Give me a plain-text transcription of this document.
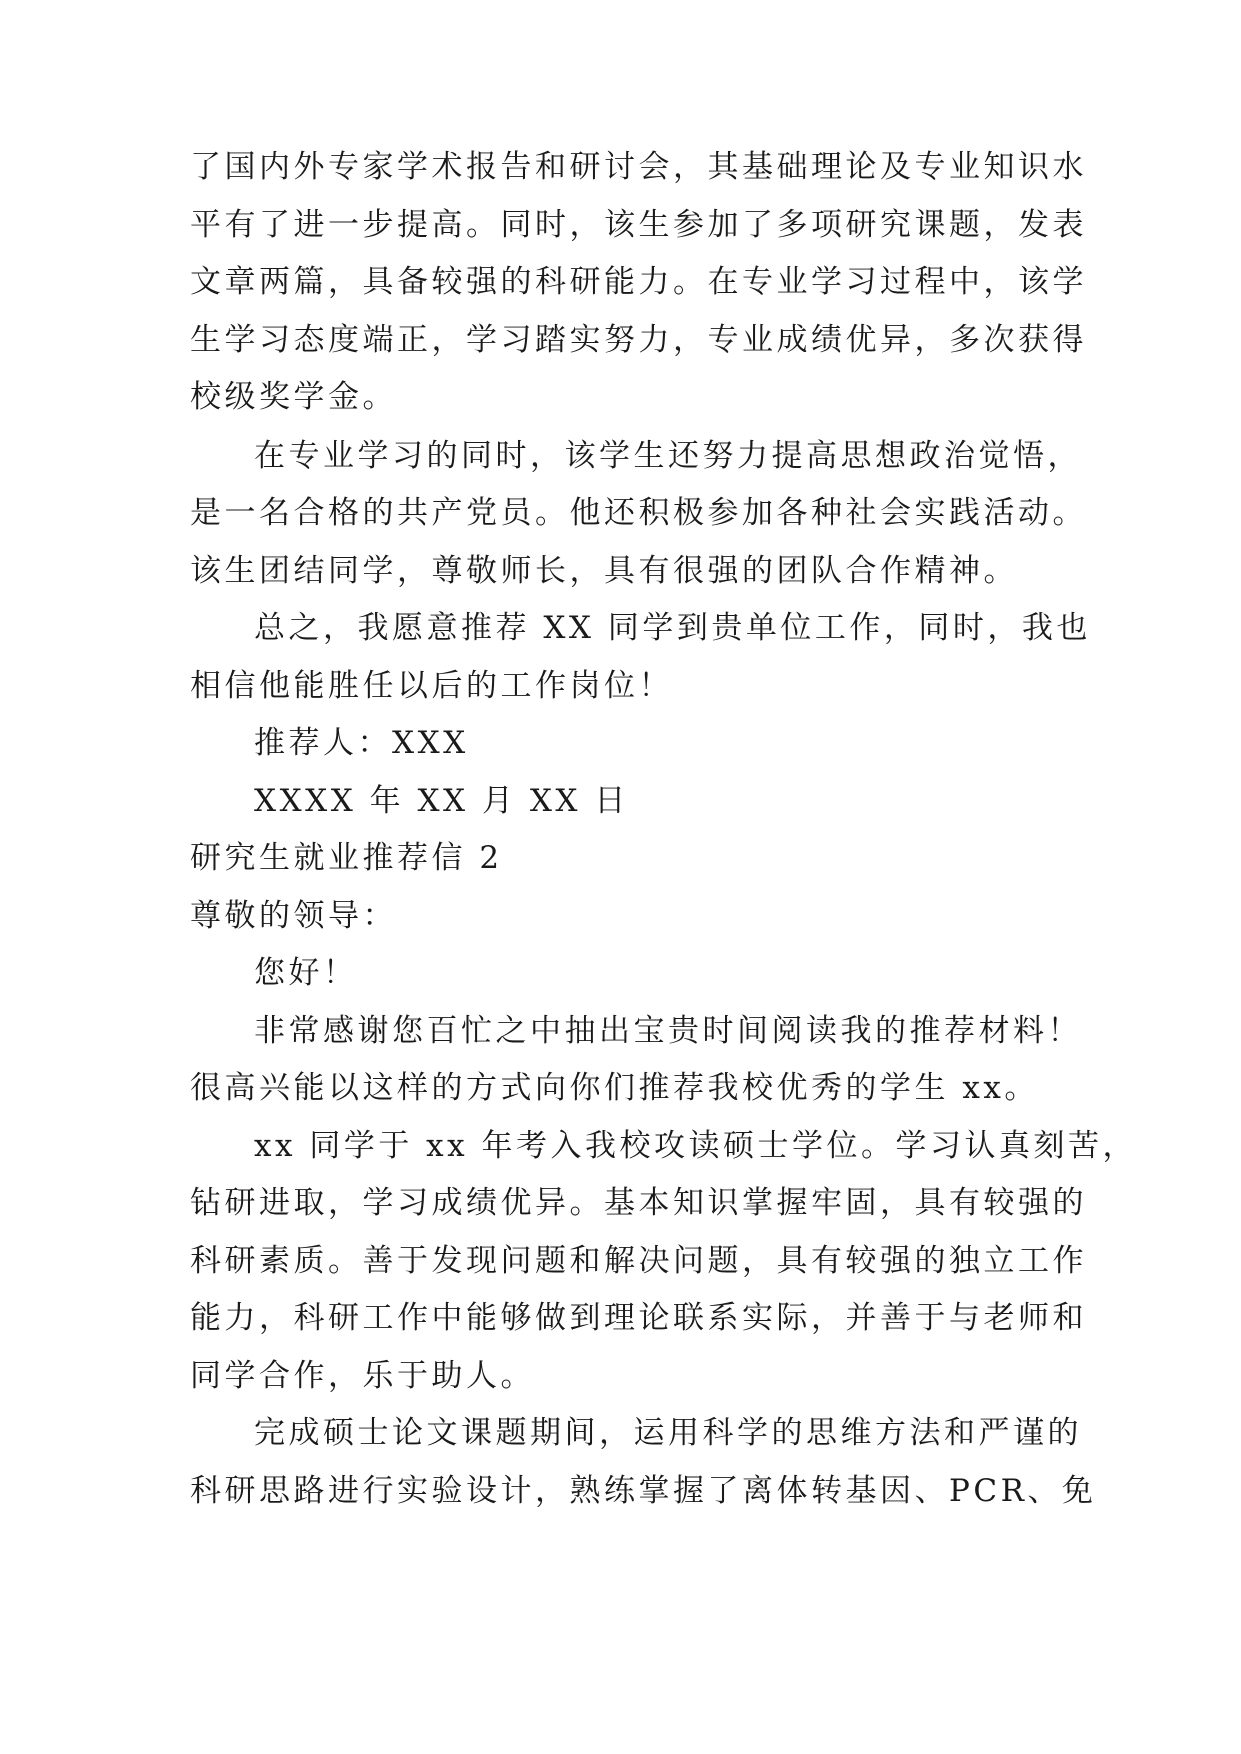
了国内外专家学术报告和研讨会，其基础理论及专业知识水
平有了进一步提高。同时，该生参加了多项研究课题，发表
文章两篇，具备较强的科研能力。在专业学习过程中，该学
生学习态度端正，学习踏实努力，专业成绩优异，多次获得
校级奖学金。
在专业学习的同时，该学生还努力提高思想政治觉悟，
是一名合格的共产党员。他还积极参加各种社会实践活动。
该生团结同学，尊敬师长，具有很强的团队合作精神。
总之，我愿意推荐 XX 同学到贵单位工作，同时，我也
相信他能胜任以后的工作岗位！
推荐人：XXX
XXXX 年 XX 月 XX 日
研究生就业推荐信 2
尊敬的领导：
您好！
非常感谢您百忙之中抽出宝贵时间阅读我的推荐材料！
很高兴能以这样的方式向你们推荐我校优秀的学生 xx。
xx 同学于 xx 年考入我校攻读硕士学位。学习认真刻苦，
钻研进取，学习成绩优异。基本知识掌握牢固，具有较强的
科研素质。善于发现问题和解决问题，具有较强的独立工作
能力，科研工作中能够做到理论联系实际，并善于与老师和
同学合作，乐于助人。
完成硕士论文课题期间，运用科学的思维方法和严谨的
科研思路进行实验设计，熟练掌握了离体转基因、PCR、免
